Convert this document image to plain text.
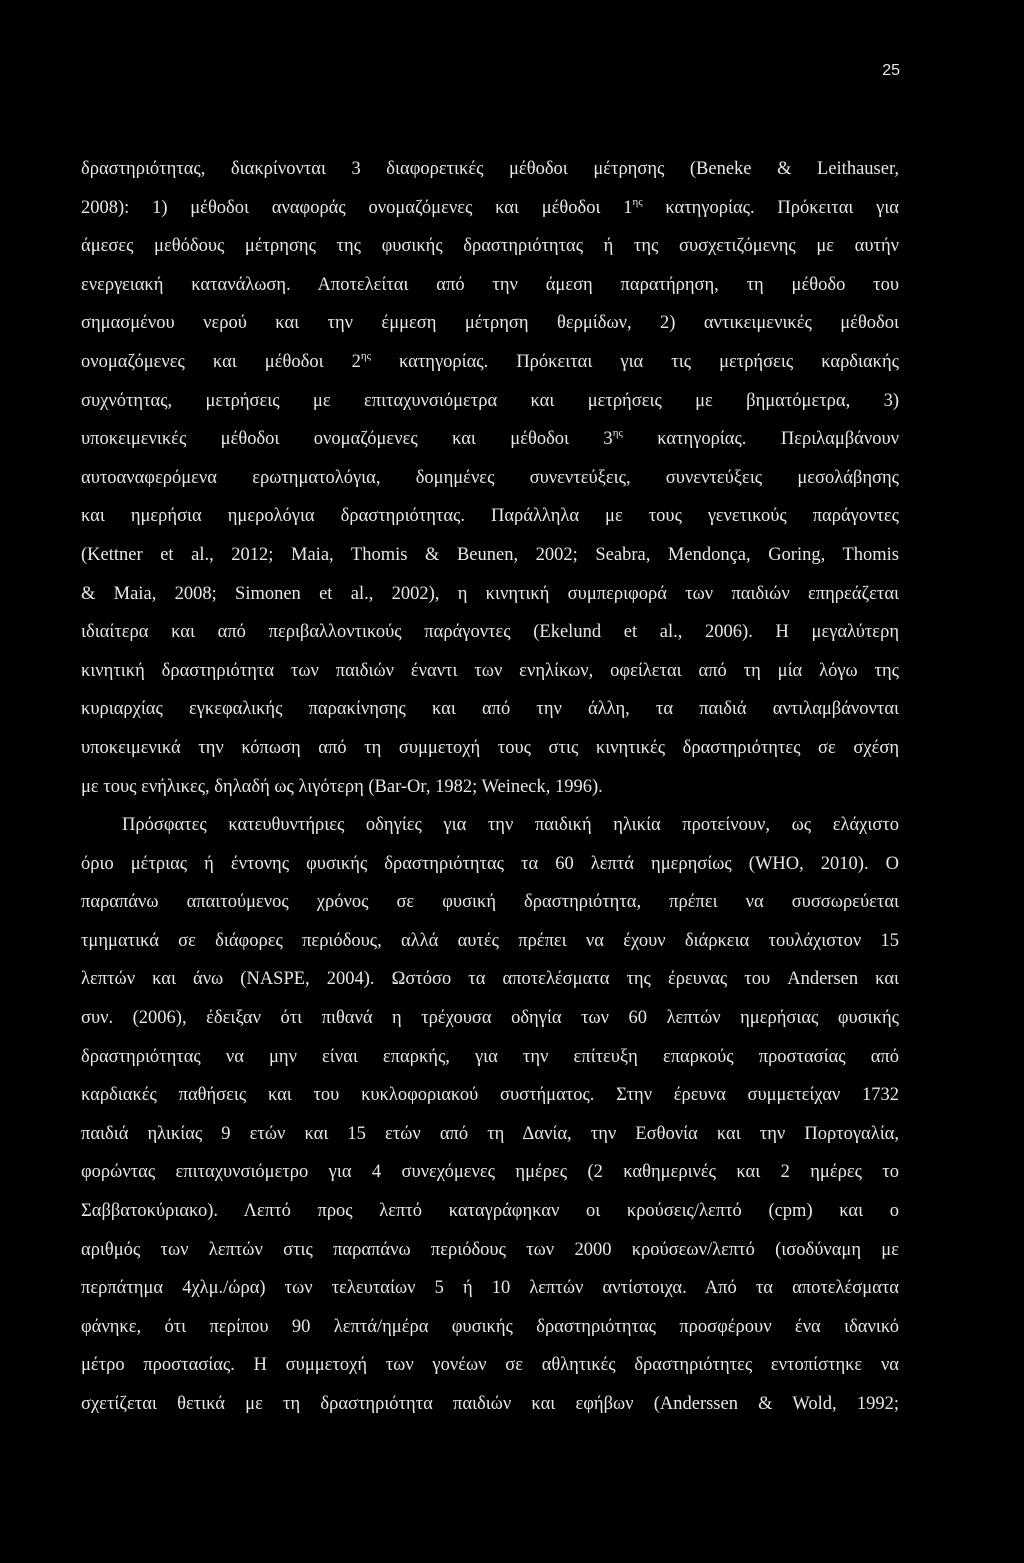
25
δραστηριότητας, διακρίνονται 3 διαφορετικές μέθοδοι μέτρησης (Beneke & Leithauser,
2008): 1) μέθοδοι αναφοράς ονομαζόμενες και μέθοδοι $1^{\eta\varsigma}$ κατηγορίας. Πρόκειται για
άμεσες μεθόδους μέτρησης της φυσικής δραστηριότητας ή της συσχετιζόμενης με αυτήν
ενεργειακή κατανάλωση. Αποτελείται από την άμεση παρατήρηση, τη μέθοδο του
σημασμένου νερού και την έμμεση μέτρηση θερμίδων, 2) αντικειμενικές μέθοδοι
ονομαζόμενες και μέθοδοι $2^{\eta\varsigma}$ κατηγορίας. Πρόκειται για τις μετρήσεις καρδιακής
συχνότητας, μετρήσεις με επιταχυνσιόμετρα και μετρήσεις με βηματόμετρα, 3)
υποκειμενικές μέθοδοι ονομαζόμενες και μέθοδοι $3^{\eta\varsigma}$ κατηγορίας. Περιλαμβάνουν
αυτοαναφερόμενα ερωτηματολόγια, δομημένες συνεντεύξεις, συνεντεύξεις μεσολάβησης
και ημερήσια ημερολόγια δραστηριότητας. Παράλληλα με τους γενετικούς παράγοντες
(Kettner et al., 2012; Maia, Thomis & Beunen, 2002; Seabra, Mendonça, Goring, Thomis
& Maia, 2008; Simonen et al., 2002), η κινητική συμπεριφορά των παιδιών επηρεάζεται
ιδιαίτερα και από περιβαλλοντικούς παράγοντες (Ekelund et al., 2006). Η μεγαλύτερη
κινητική δραστηριότητα των παιδιών έναντι των ενηλίκων, οφείλεται από τη μία λόγω της
κυριαρχίας εγκεφαλικής παρακίνησης και από την άλλη, τα παιδιά αντιλαμβάνονται
υποκειμενικά την κόπωση από τη συμμετοχή τους στις κινητικές δραστηριότητες σε σχέση
με τους ενήλικες, δηλαδή ως λιγότερη (Bar-Or, 1982; Weineck, 1996).
Πρόσφατες κατευθυντήριες οδηγίες για την παιδική ηλικία προτείνουν, ως ελάχιστο
όριο μέτριας ή έντονης φυσικής δραστηριότητας τα 60 λεπτά ημερησίως (WHO, 2010). Ο
παραπάνω απαιτούμενος χρόνος σε φυσική δραστηριότητα, πρέπει να συσσωρεύεται
τμηματικά σε διάφορες περιόδους, αλλά αυτές πρέπει να έχουν διάρκεια τουλάχιστον 15
λεπτών και άνω (NASPE, 2004). Ωστόσο τα αποτελέσματα της έρευνας του Andersen και
συν. (2006), έδειξαν ότι πιθανά η τρέχουσα οδηγία των 60 λεπτών ημερήσιας φυσικής
δραστηριότητας να μην είναι επαρκής, για την επίτευξη επαρκούς προστασίας από
καρδιακές παθήσεις και του κυκλοφοριακού συστήματος. Στην έρευνα συμμετείχαν 1732
παιδιά ηλικίας 9 ετών και 15 ετών από τη Δανία, την Εσθονία και την Πορτογαλία,
φορώντας επιταχυνσιόμετρο για 4 συνεχόμενες ημέρες (2 καθημερινές και 2 ημέρες το
Σαββατοκύριακο). Λεπτό προς λεπτό καταγράφηκαν οι κρούσεις/λεπτό (cpm) και ο
αριθμός των λεπτών στις παραπάνω περιόδους των 2000 κρούσεων/λεπτό (ισοδύναμη με
περπάτημα 4χλμ./ώρα) των τελευταίων 5 ή 10 λεπτών αντίστοιχα. Από τα αποτελέσματα
φάνηκε, ότι περίπου 90 λεπτά/ημέρα φυσικής δραστηριότητας προσφέρουν ένα ιδανικό
μέτρο προστασίας. Η συμμετοχή των γονέων σε αθλητικές δραστηριότητες εντοπίστηκε να
σχετίζεται θετικά με τη δραστηριότητα παιδιών και εφήβων (Anderssen & Wold, 1992;
